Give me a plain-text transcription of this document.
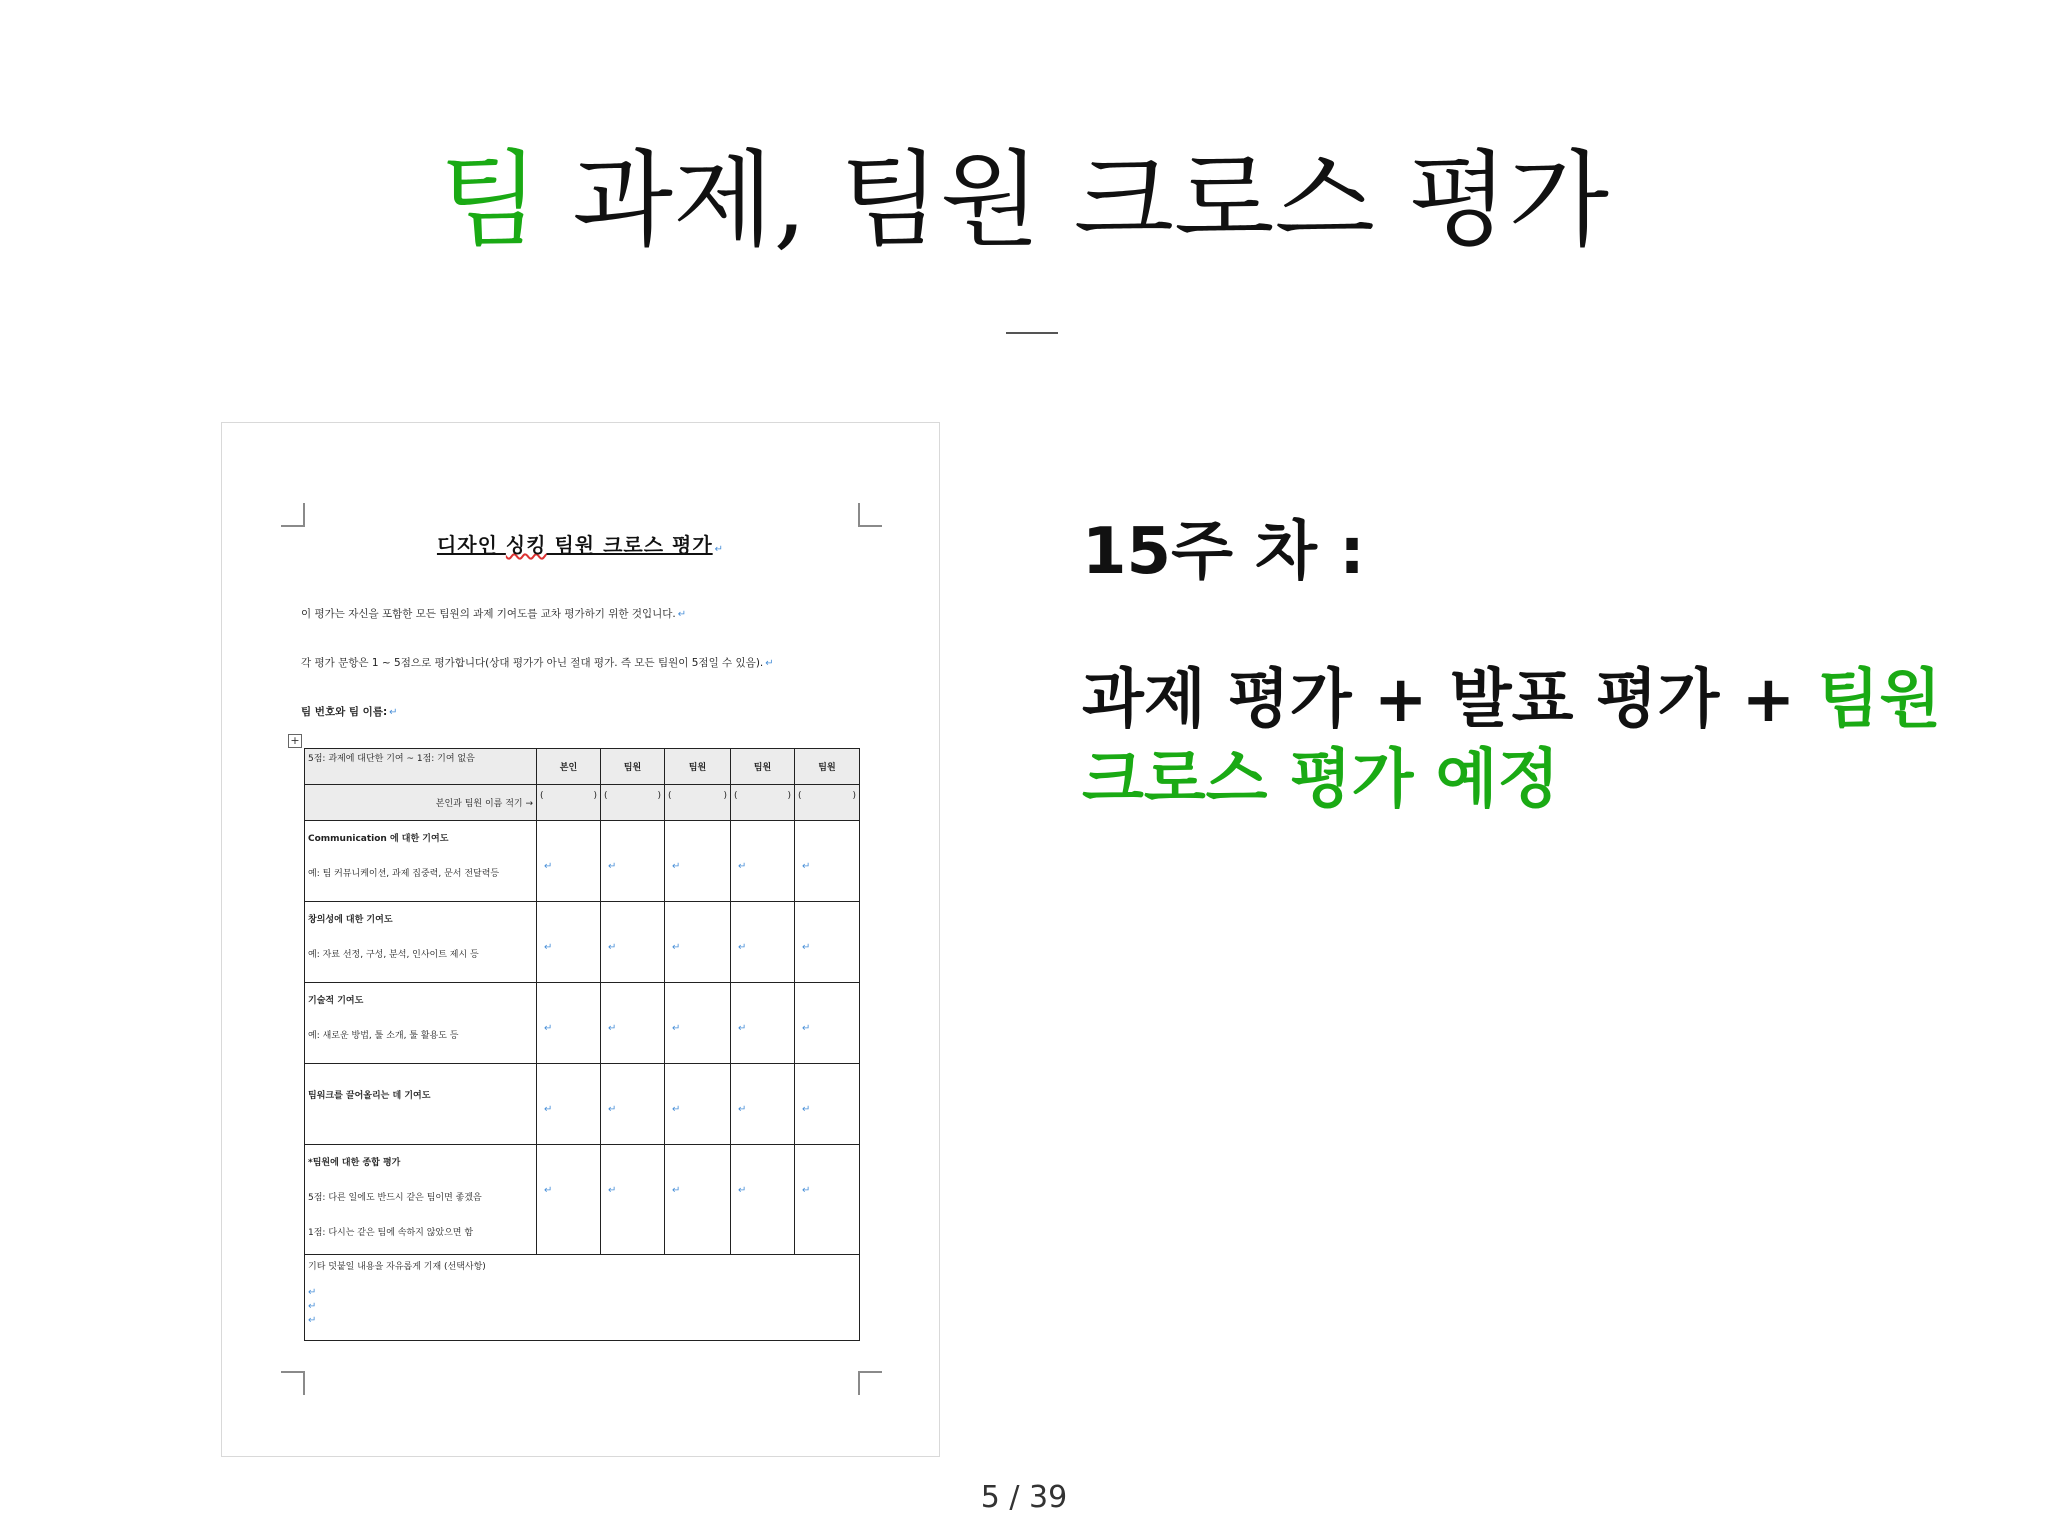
팀 과제, 팀원 크로스 평가
디자인 싱킹 팀원 크로스 평가 ↵
이 평가는 자신을 포함한 모든 팀원의 과제 기여도를 교차 평가하기 위한 것입니다. ↵
각 평가 문항은 1 ~ 5점으로 평가합니다(상대 평가가 아닌 절대 평가. 즉 모든 팀원이 5점일 수 있음). ↵
팀 번호와 팀 이름: ↵
+
5점: 과제에 대단한 기여 ~ 1점: 기여 없음	본인	팀원	팀원	팀원	팀원
본인과 팀원 이름 적기 →	( )	( )	( )	( )	( )

Communication 에 대한 기여도
예: 팀 커뮤니케이션, 과제 집중력, 문서 전달력등	↵	↵	↵	↵	↵

창의성에 대한 기여도
예: 자료 선정, 구성, 분석, 인사이트 제시 등	↵	↵	↵	↵	↵

기술적 기여도
예: 새로운 방법, 툴 소개, 툴 활용도 등	↵	↵	↵	↵	↵

팀워크를 끌어올리는 데 기여도	↵	↵	↵	↵	↵

*팀원에 대한 종합 평가
5점: 다른 일에도 반드시 같은 팀이면 좋겠음
1점: 다시는 같은 팀에 속하지 않았으면 함	↵	↵	↵	↵	↵

기타 덧붙일 내용을 자유롭게 기재 (선택사항)
↵
↵
↵					
15주 차 :
과제 평가 + 발표 평가 + 팀원 크로스 평가 예정
5 / 39
